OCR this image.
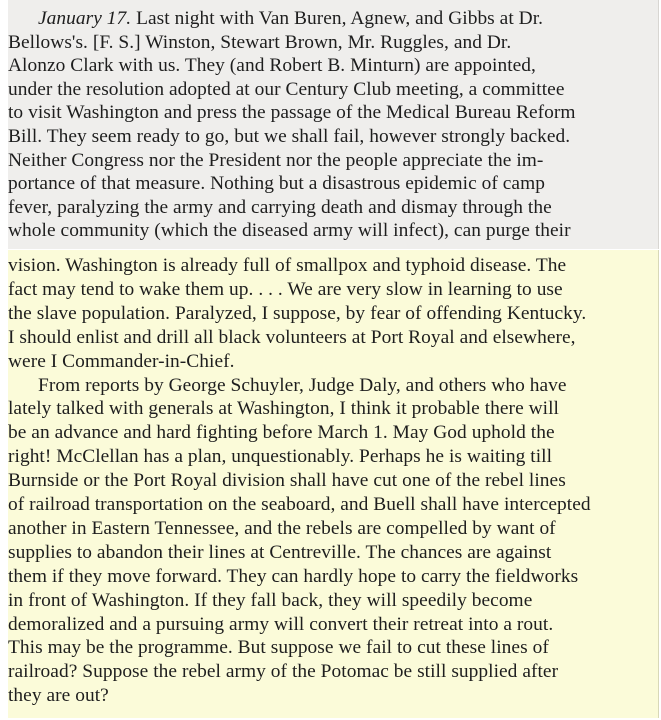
January 17. Last night with Van Buren, Agnew, and Gibbs at Dr.
Bellows's. [F. S.] Winston, Stewart Brown, Mr. Ruggles, and Dr.
Alonzo Clark with us. They (and Robert B. Minturn) are appointed,
under the resolution adopted at our Century Club meeting, a committee
to visit Washington and press the passage of the Medical Bureau Reform
Bill. They seem ready to go, but we shall fail, however strongly backed.
Neither Congress nor the President nor the people appreciate the im-
portance of that measure. Nothing but a disastrous epidemic of camp
fever, paralyzing the army and carrying death and dismay through the
whole community (which the diseased army will infect), can purge their
vision. Washington is already full of smallpox and typhoid disease. The
fact may tend to wake them up. . . . We are very slow in learning to use
the slave population. Paralyzed, I suppose, by fear of offending Kentucky.
I should enlist and drill all black volunteers at Port Royal and elsewhere,
were I Commander-in-Chief.
From reports by George Schuyler, Judge Daly, and others who have
lately talked with generals at Washington, I think it probable there will
be an advance and hard fighting before March 1. May God uphold the
right! McClellan has a plan, unquestionably. Perhaps he is waiting till
Burnside or the Port Royal division shall have cut one of the rebel lines
of railroad transportation on the seaboard, and Buell shall have intercepted
another in Eastern Tennessee, and the rebels are compelled by want of
supplies to abandon their lines at Centreville. The chances are against
them if they move forward. They can hardly hope to carry the fieldworks
in front of Washington. If they fall back, they will speedily become
demoralized and a pursuing army will convert their retreat into a rout.
This may be the programme. But suppose we fail to cut these lines of
railroad? Suppose the rebel army of the Potomac be still supplied after
they are out?
